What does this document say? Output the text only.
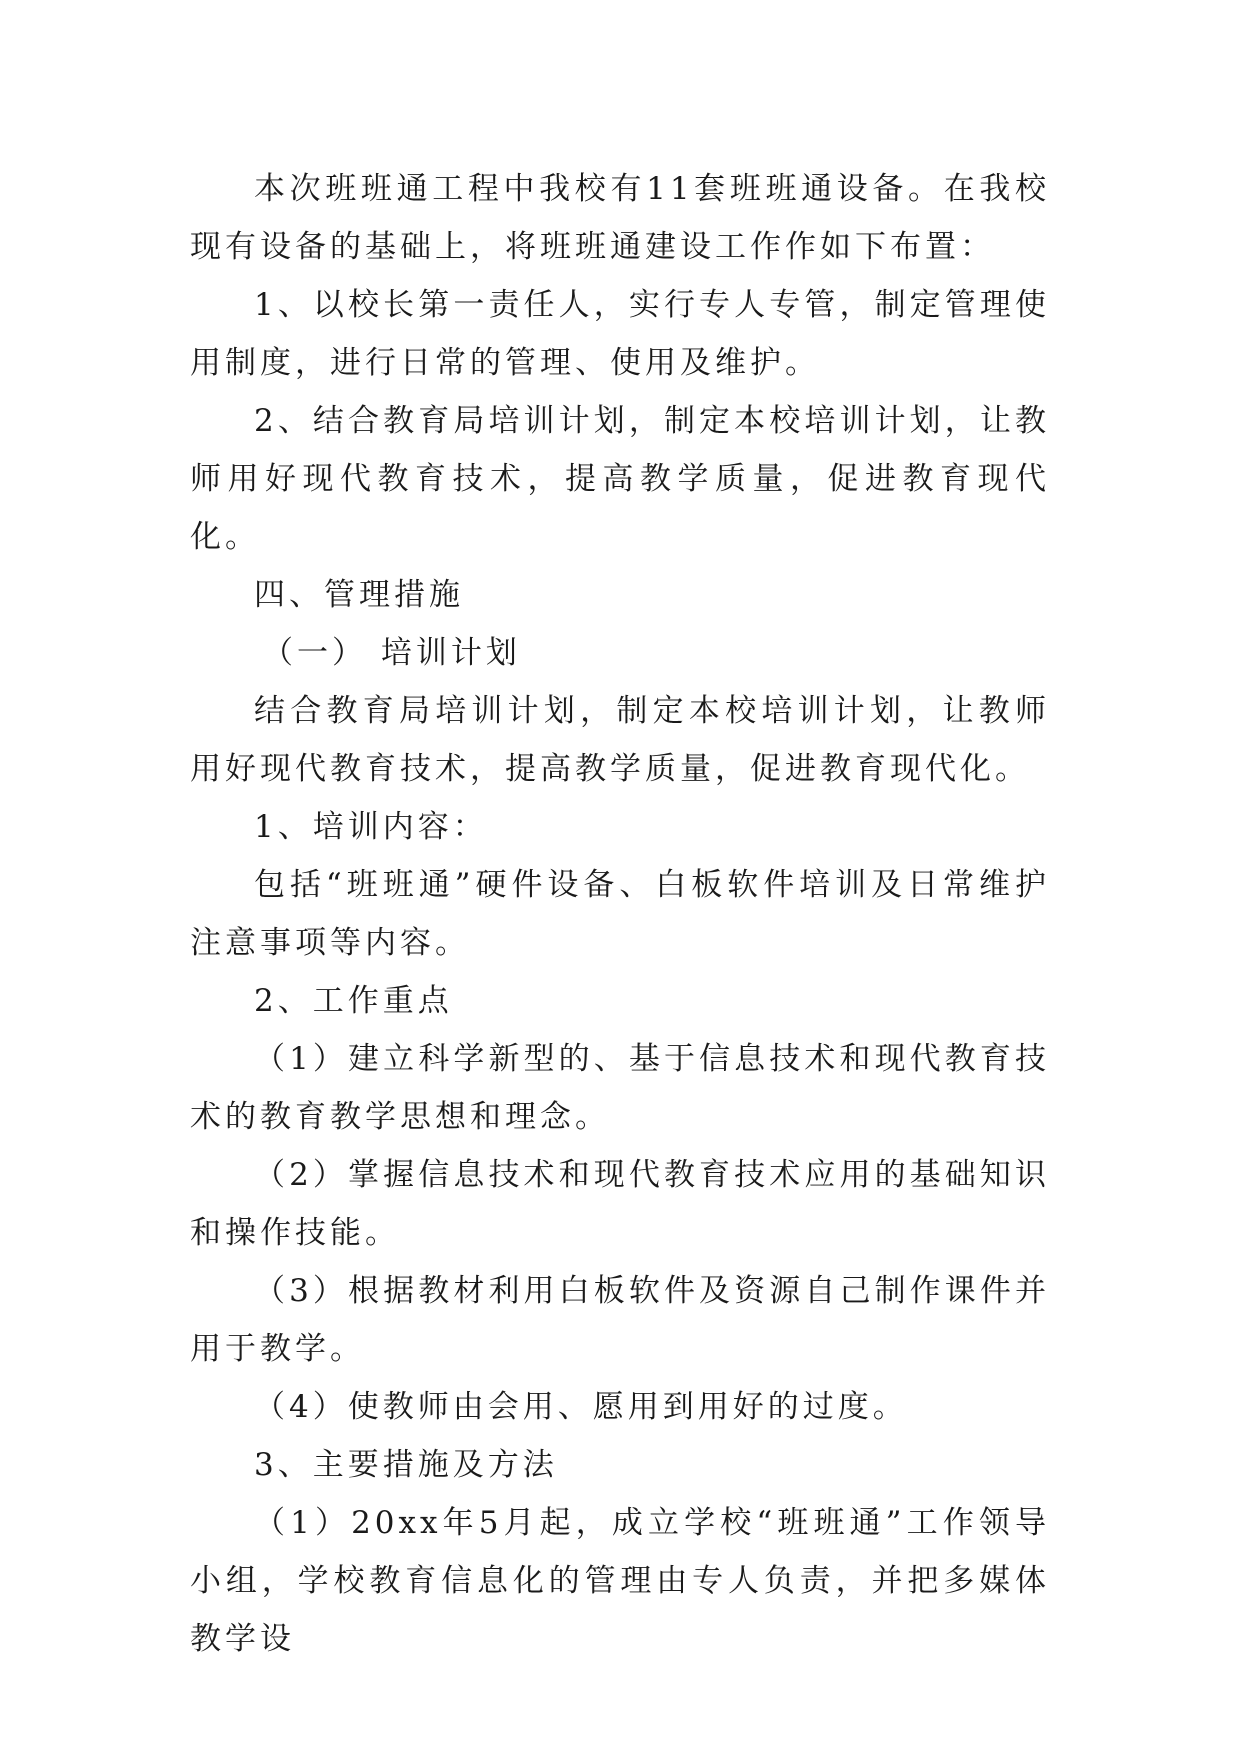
本次班班通工程中我校有11套班班通设备。在我校现有设备的基础上，将班班通建设工作作如下布置：

1、以校长第一责任人，实行专人专管，制定管理使用制度，进行日常的管理、使用及维护。

2、结合教育局培训计划，制定本校培训计划，让教师用好现代教育技术，提高教学质量，促进教育现代化。

四、管理措施

（一） 培训计划

结合教育局培训计划，制定本校培训计划，让教师用好现代教育技术，提高教学质量，促进教育现代化。

1、培训内容：

包括“班班通”硬件设备、白板软件培训及日常维护注意事项等内容。

2、工作重点

（1）建立科学新型的、基于信息技术和现代教育技术的教育教学思想和理念。

（2）掌握信息技术和现代教育技术应用的基础知识和操作技能。

（3）根据教材利用白板软件及资源自己制作课件并用于教学。

（4）使教师由会用、愿用到用好的过度。

3、主要措施及方法

（1）20xx年5月起，成立学校“班班通”工作领导小组，学校教育信息化的管理由专人负责，并把多媒体教学设
